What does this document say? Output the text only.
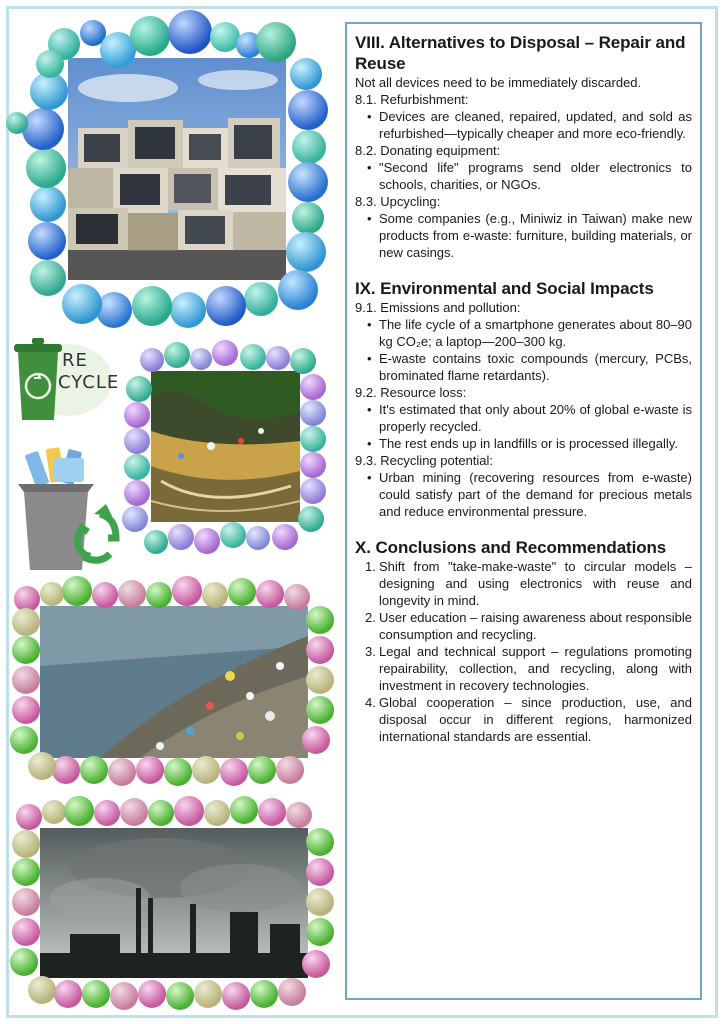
RE
CYCLE
VIII. Alternatives to Disposal – Repair and Reuse

Not all devices need to be immediately discarded.

8.1. Refurbishment:
• Devices are cleaned, repaired, updated, and sold as refurbished—typically cheaper and more eco-friendly.
8.2. Donating equipment:
• "Second life" programs send older electronics to schools, charities, or NGOs.
8.3. Upcycling:
• Some companies (e.g., Miniwiz in Taiwan) make new products from e-waste: furniture, building materials, or new casings.
IX. Environmental and Social Impacts
9.1. Emissions and pollution:
• The life cycle of a smartphone generates about 80–90 kg CO₂e; a laptop—200–300 kg.
• E-waste contains toxic compounds (mercury, PCBs, brominated flame retardants).
9.2. Resource loss:
• It's estimated that only about 20% of global e-waste is properly recycled.
• The rest ends up in landfills or is processed illegally.
9.3. Recycling potential:
• Urban mining (recovering resources from e-waste) could satisfy part of the demand for precious metals and reduce environmental pressure.
X. Conclusions and Recommendations
1. Shift from "take-make-waste" to circular models – designing and using electronics with reuse and longevity in mind.
2. User education – raising awareness about responsible consumption and recycling.
3. Legal and technical support – regulations promoting repairability, collection, and recycling, along with investment in recovery technologies.
4. Global cooperation – since production, use, and disposal occur in different regions, harmonized international standards are essential.
